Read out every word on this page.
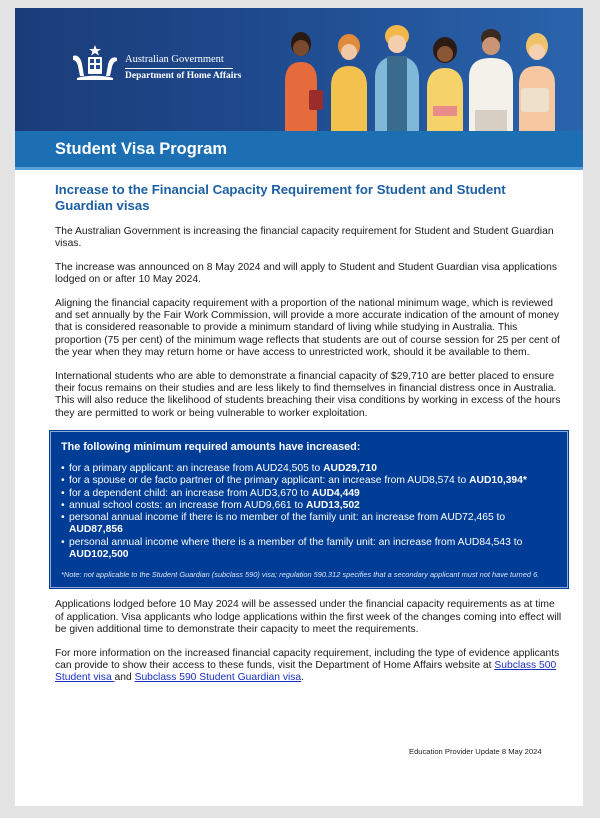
Australian Government
Department of Home Affairs
Student Visa Program
Increase to the Financial Capacity Requirement for Student and Student Guardian visas

The Australian Government is increasing the financial capacity requirement for Student and Student Guardian visas.

The increase was announced on 8 May 2024 and will apply to Student and Student Guardian visa applications lodged on or after 10 May 2024.

Aligning the financial capacity requirement with a proportion of the national minimum wage, which is reviewed and set annually by the Fair Work Commission, will provide a more accurate indication of the amount of money that is considered reasonable to provide a minimum standard of living while studying in Australia. This proportion (75 per cent) of the minimum wage reflects that students are out of course session for 25 per cent of the year when they may return home or have access to unrestricted work, should it be available to them.

International students who are able to demonstrate a financial capacity of $29,710 are better placed to ensure their focus remains on their studies and are less likely to find themselves in financial distress once in Australia. This will also reduce the likelihood of students breaching their visa conditions by working in excess of the hours they are permitted to work or being vulnerable to worker exploitation.

The following minimum required amounts have increased:
• for a primary applicant: an increase from AUD24,505 to AUD29,710
• for a spouse or de facto partner of the primary applicant: an increase from AUD8,574 to AUD10,394*
• for a dependent child: an increase from AUD3,670 to AUD4,449
• annual school costs: an increase from AUD9,661 to AUD13,502
• personal annual income if there is no member of the family unit: an increase from AUD72,465 to AUD87,856
• personal annual income where there is a member of the family unit: an increase from AUD84,543 to AUD102,500
*Note: not applicable to the Student Guardian (subclass 590) visa; regulation 590.312 specifies that a secondary applicant must not have turned 6.

Applications lodged before 10 May 2024 will be assessed under the financial capacity requirements as at time of application. Visa applicants who lodge applications within the first week of the changes coming into effect will be given additional time to demonstrate their capacity to meet the requirements.

For more information on the increased financial capacity requirement, including the type of evidence applicants can provide to show their access to these funds, visit the Department of Home Affairs website at Subclass 500 Student visa and Subclass 590 Student Guardian visa.

Education Provider Update 8 May 2024
